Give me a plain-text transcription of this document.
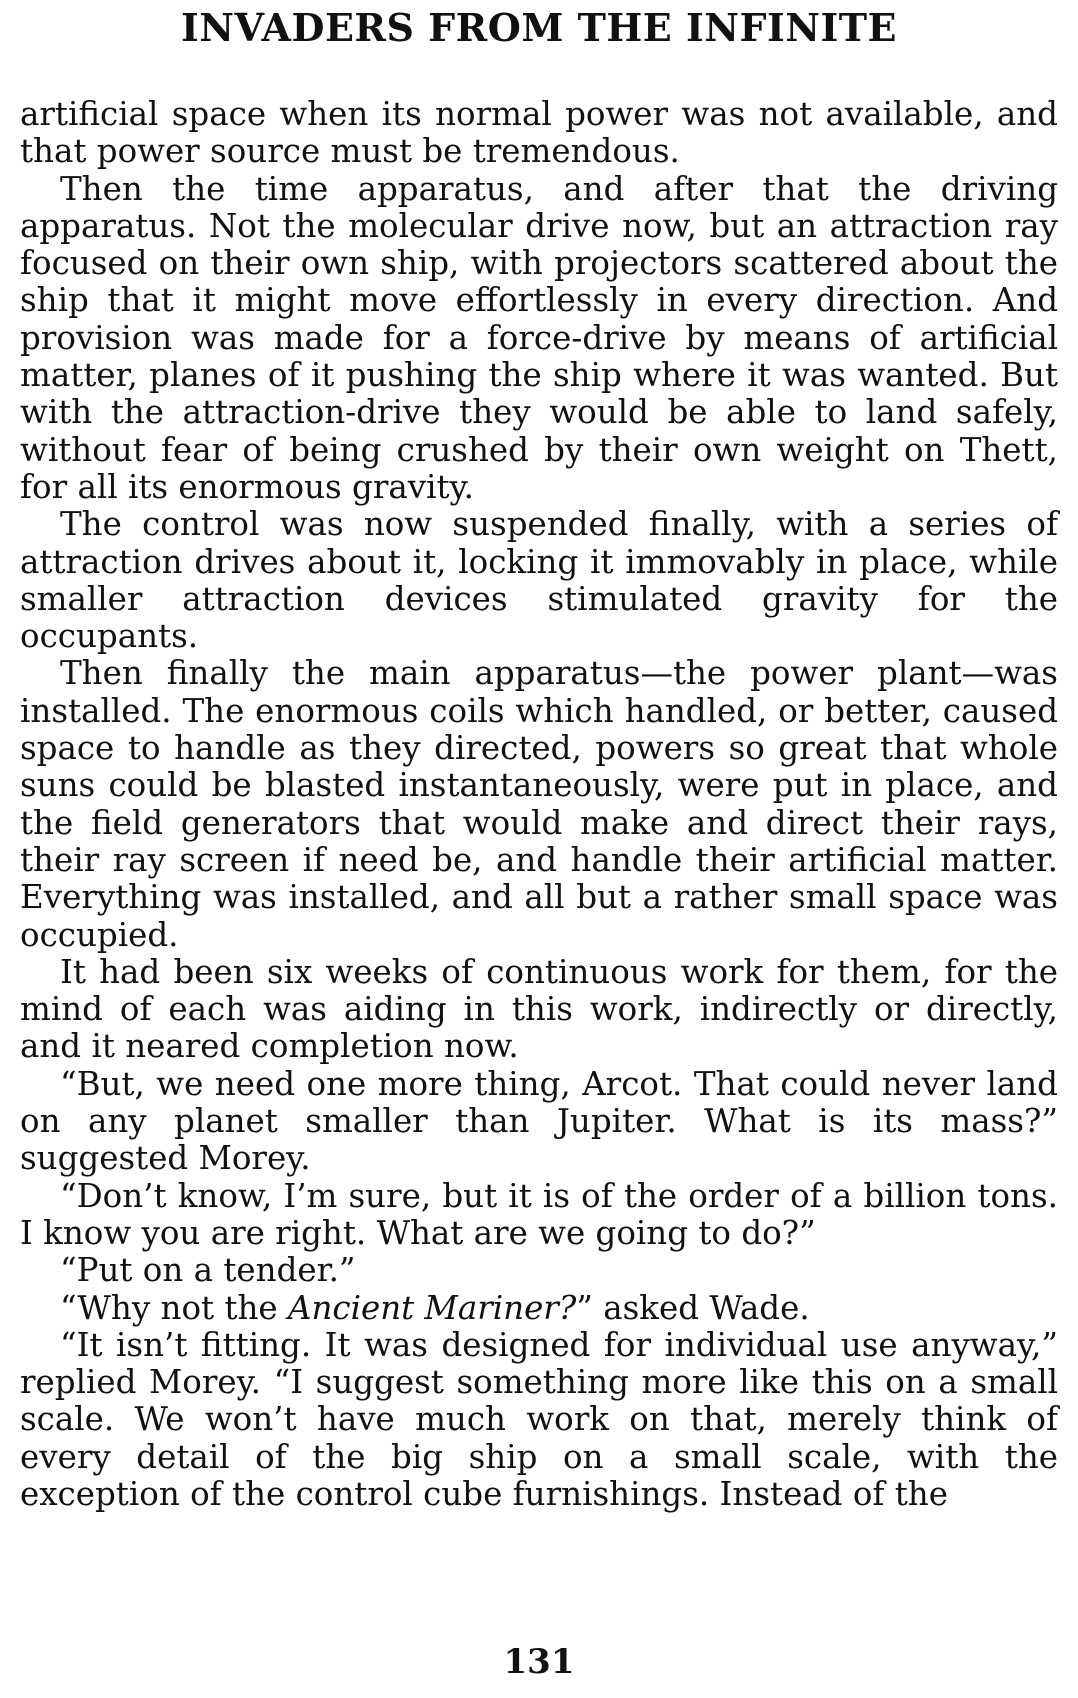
INVADERS FROM THE INFINITE

artificial space when its normal power was not available, and that power source must be tremendous.

Then the time apparatus, and after that the driving apparatus. Not the molecular drive now, but an attraction ray focused on their own ship, with projectors scattered about the ship that it might move effortlessly in every direction. And provision was made for a force-drive by means of artificial matter, planes of it pushing the ship where it was wanted. But with the attraction-drive they would be able to land safely, without fear of being crushed by their own weight on Thett, for all its enormous gravity.

The control was now suspended finally, with a series of attraction drives about it, locking it immovably in place, while smaller attraction devices stimulated gravity for the occupants.

Then finally the main apparatus—the power plant—was installed. The enormous coils which handled, or better, caused space to handle as they directed, powers so great that whole suns could be blasted instantaneously, were put in place, and the field generators that would make and direct their rays, their ray screen if need be, and handle their artificial matter. Everything was installed, and all but a rather small space was occupied.

It had been six weeks of continuous work for them, for the mind of each was aiding in this work, indirectly or directly, and it neared completion now.

“But, we need one more thing, Arcot. That could never land on any planet smaller than Jupiter. What is its mass?” suggested Morey.

“Don’t know, I’m sure, but it is of the order of a billion tons. I know you are right. What are we going to do?”

“Put on a tender.”

“Why not the Ancient Mariner?” asked Wade.

“It isn’t fitting. It was designed for individual use anyway,” replied Morey. “I suggest something more like this on a small scale. We won’t have much work on that, merely think of every detail of the big ship on a small scale, with the exception of the control cube furnishings. Instead of the

131
